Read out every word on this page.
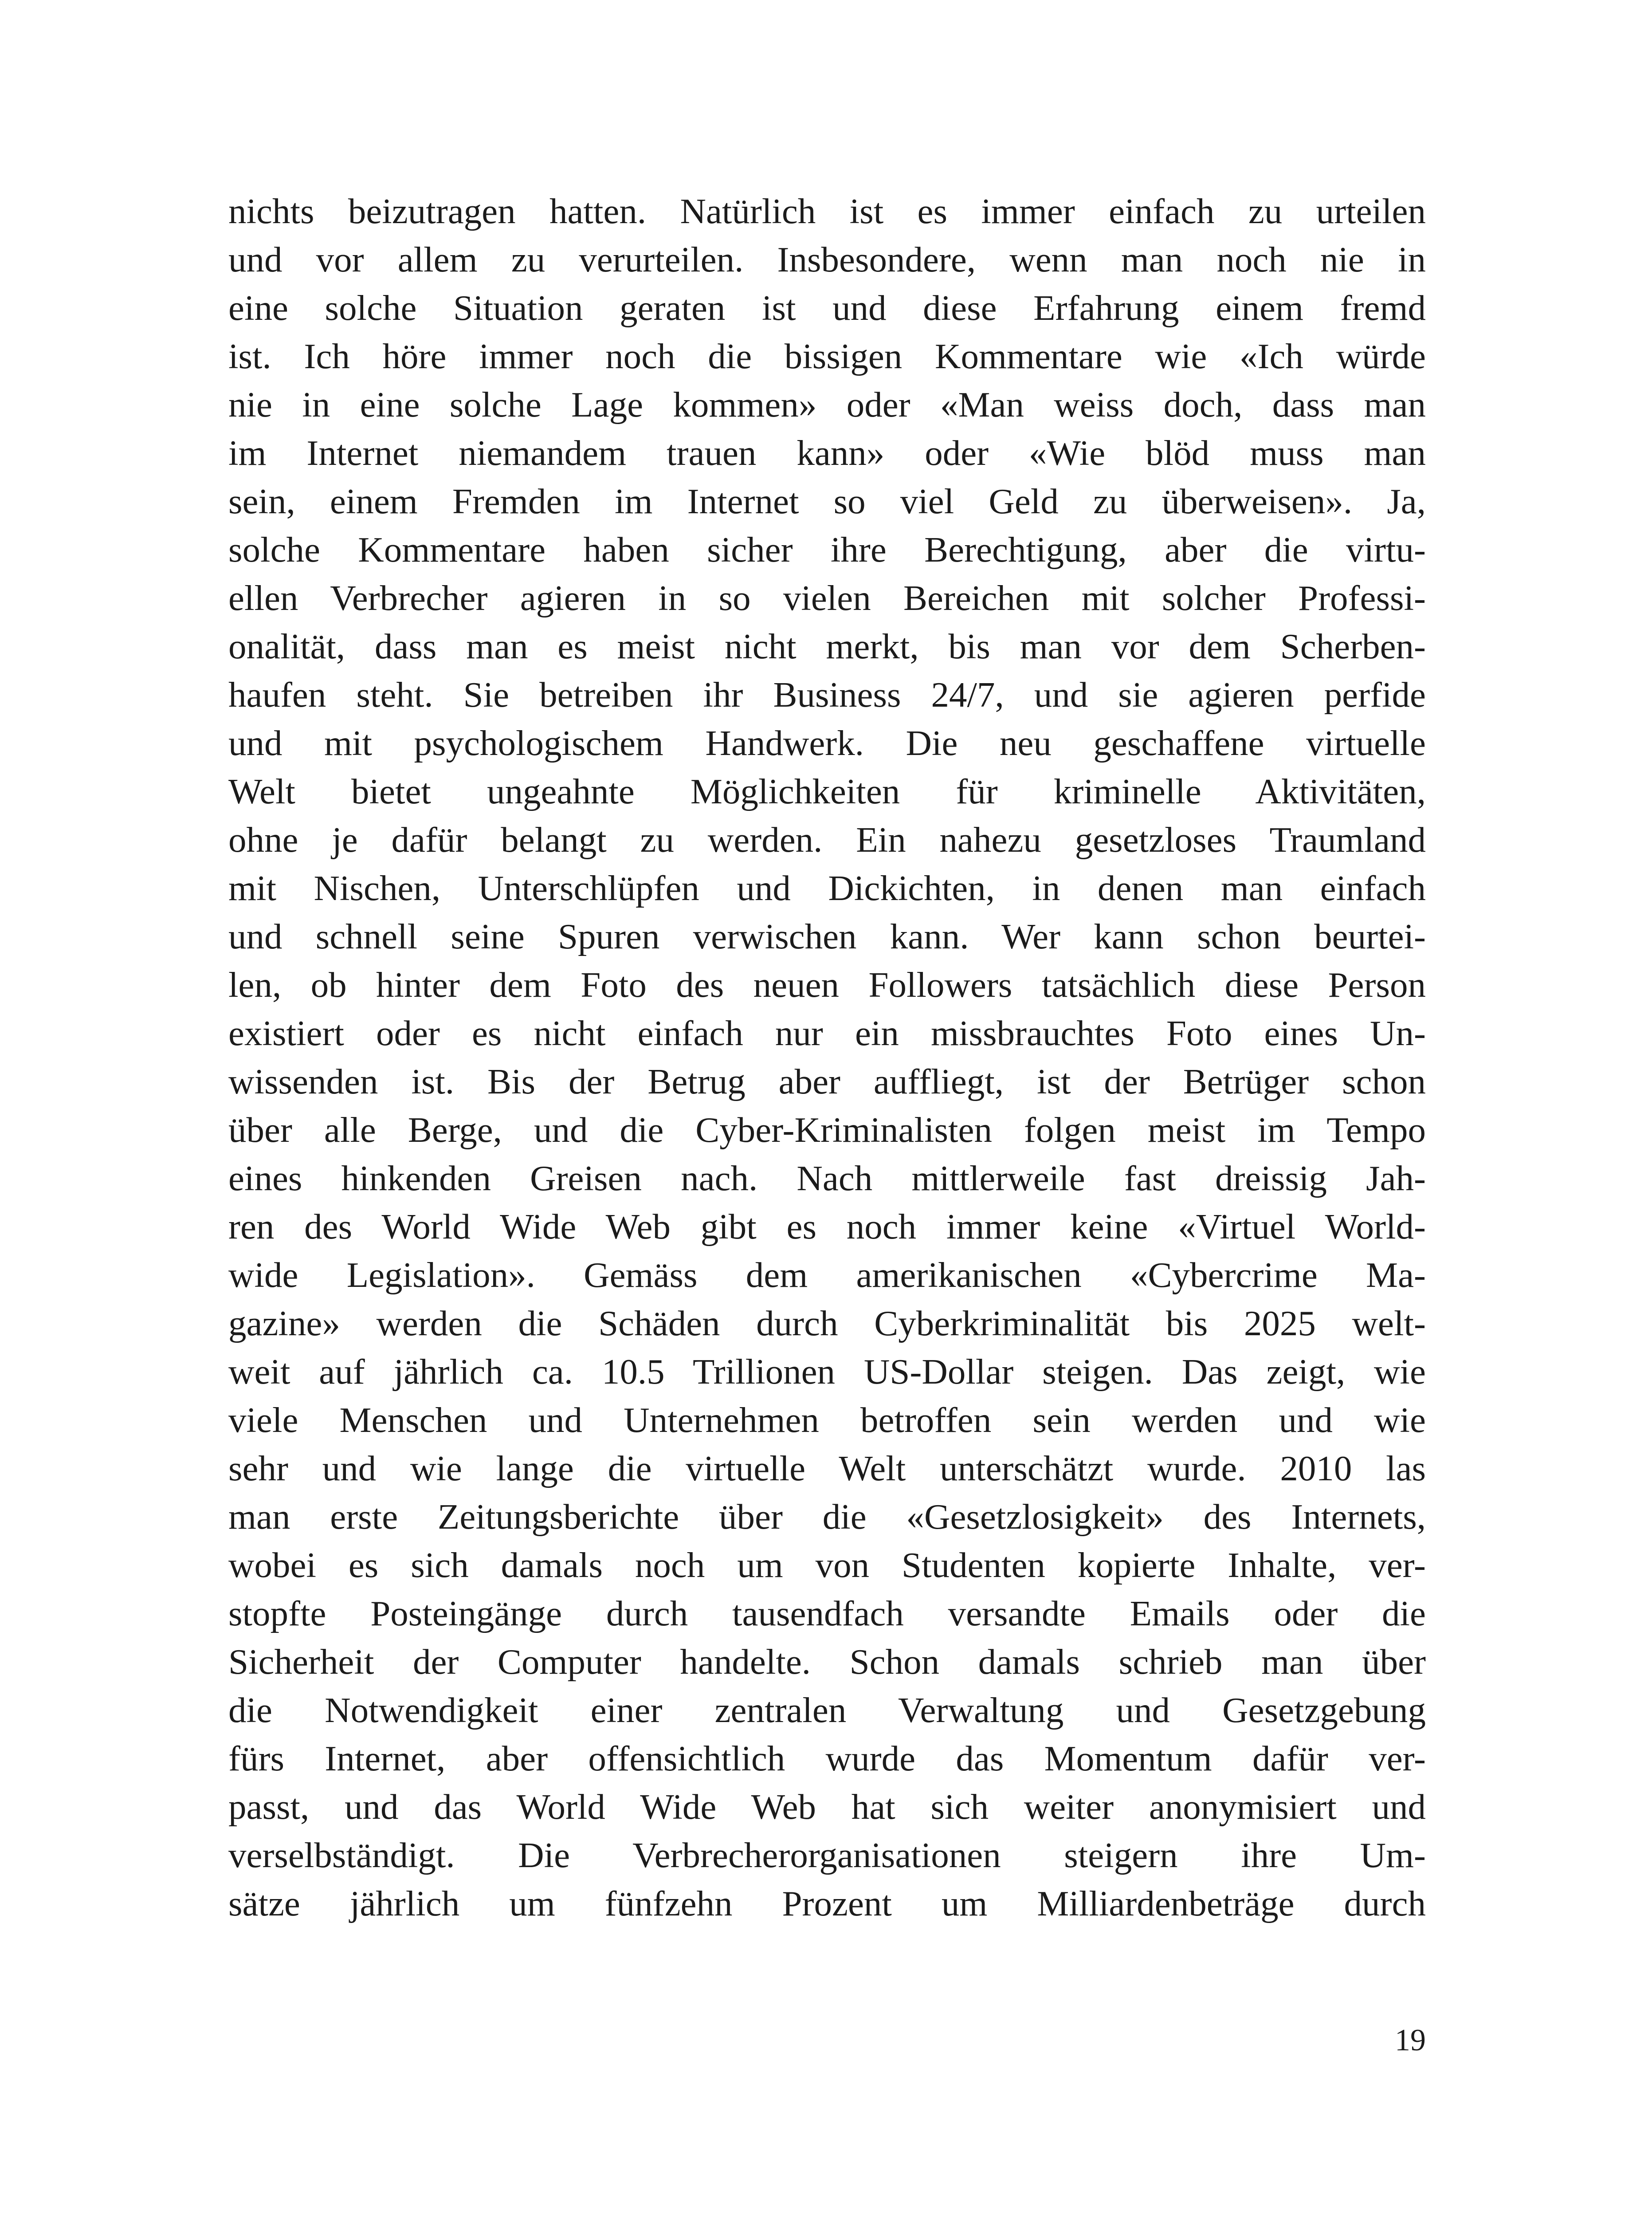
nichts beizutragen hatten. Natürlich ist es immer einfach zu urteilen
und vor allem zu verurteilen. Insbesondere, wenn man noch nie in
eine solche Situation geraten ist und diese Erfahrung einem fremd
ist. Ich höre immer noch die bissigen Kommentare wie «Ich würde
nie in eine solche Lage kommen» oder «Man weiss doch, dass man
im Internet niemandem trauen kann» oder «Wie blöd muss man
sein, einem Fremden im Internet so viel Geld zu überweisen». Ja,
solche Kommentare haben sicher ihre Berechtigung, aber die virtu-
ellen Verbrecher agieren in so vielen Bereichen mit solcher Professi-
onalität, dass man es meist nicht merkt, bis man vor dem Scherben-
haufen steht. Sie betreiben ihr Business 24/7, und sie agieren perfide
und mit psychologischem Handwerk. Die neu geschaffene virtuelle
Welt bietet ungeahnte Möglichkeiten für kriminelle Aktivitäten,
ohne je dafür belangt zu werden. Ein nahezu gesetzloses Traumland
mit Nischen, Unterschlüpfen und Dickichten, in denen man einfach
und schnell seine Spuren verwischen kann. Wer kann schon beurtei-
len, ob hinter dem Foto des neuen Followers tatsächlich diese Person
existiert oder es nicht einfach nur ein missbrauchtes Foto eines Un-
wissenden ist. Bis der Betrug aber auffliegt, ist der Betrüger schon
über alle Berge, und die Cyber-Kriminalisten folgen meist im Tempo
eines hinkenden Greisen nach. Nach mittlerweile fast dreissig Jah-
ren des World Wide Web gibt es noch immer keine «Virtuel World-
wide Legislation». Gemäss dem amerikanischen «Cybercrime Ma-
gazine» werden die Schäden durch Cyberkriminalität bis 2025 welt-
weit auf jährlich ca. 10.5 Trillionen US-Dollar steigen. Das zeigt, wie
viele Menschen und Unternehmen betroffen sein werden und wie
sehr und wie lange die virtuelle Welt unterschätzt wurde. 2010 las
man erste Zeitungsberichte über die «Gesetzlosigkeit» des Internets,
wobei es sich damals noch um von Studenten kopierte Inhalte, ver-
stopfte Posteingänge durch tausendfach versandte Emails oder die
Sicherheit der Computer handelte. Schon damals schrieb man über
die Notwendigkeit einer zentralen Verwaltung und Gesetzgebung
fürs Internet, aber offensichtlich wurde das Momentum dafür ver-
passt, und das World Wide Web hat sich weiter anonymisiert und
verselbständigt. Die Verbrecherorganisationen steigern ihre Um-
sätze jährlich um fünfzehn Prozent um Milliardenbeträge durch
19
